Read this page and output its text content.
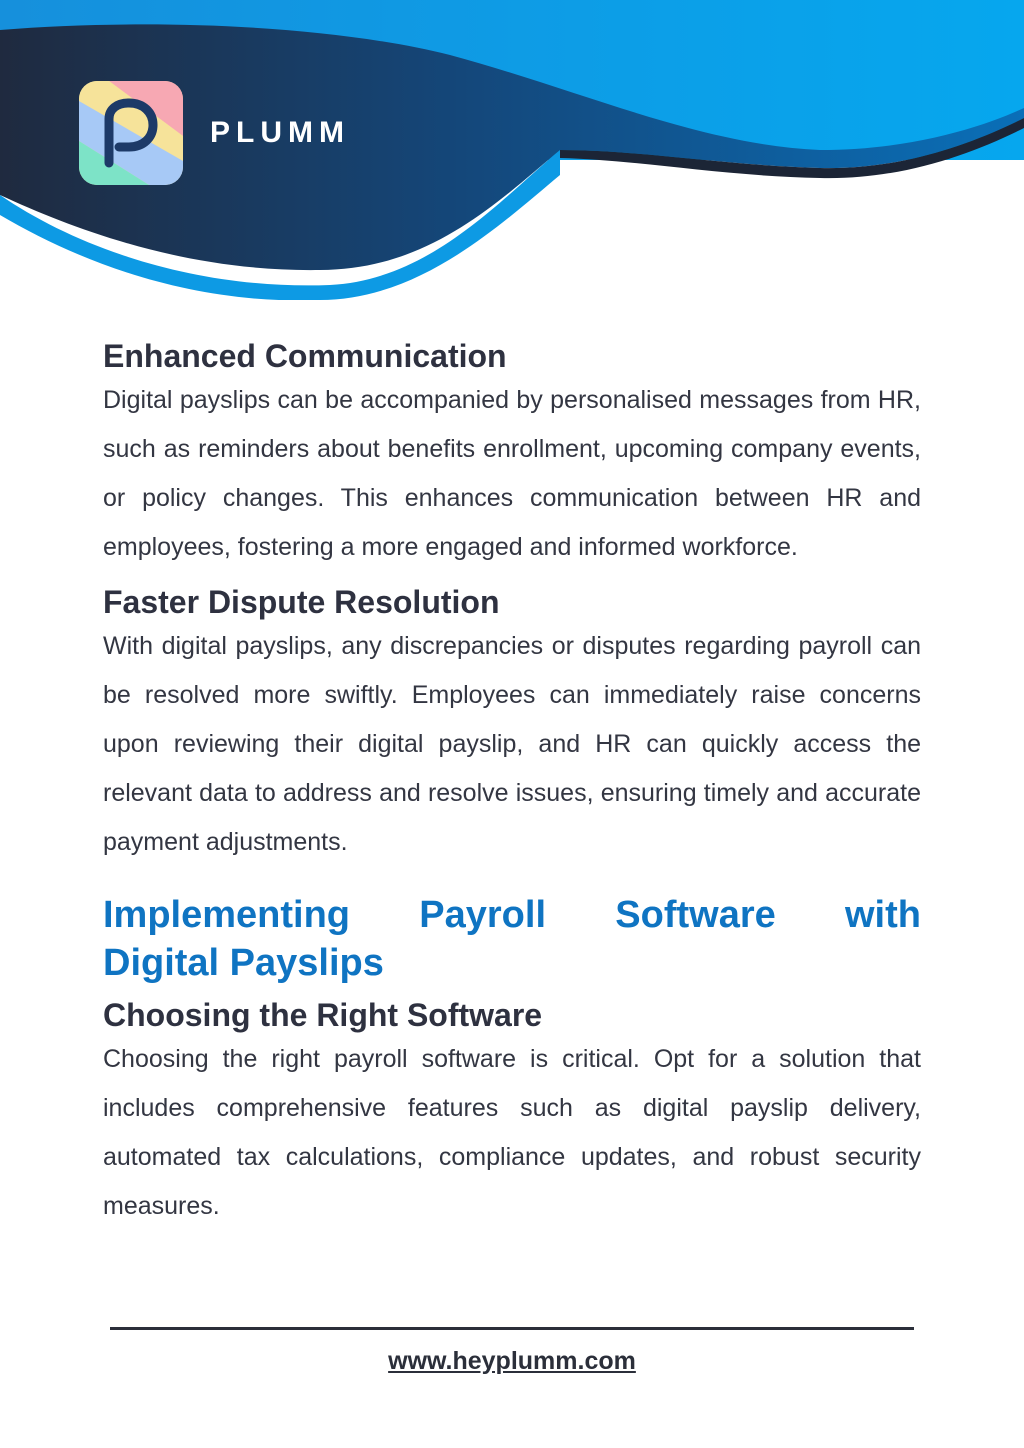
PLUMM
Enhanced Communication

Digital payslips can be accompanied by personalised messages from HR, such as reminders about benefits enrollment, upcoming company events, or policy changes. This enhances communication between HR and employees, fostering a more engaged and informed workforce.

Faster Dispute Resolution

With digital payslips, any discrepancies or disputes regarding payroll can be resolved more swiftly. Employees can immediately raise concerns upon reviewing their digital payslip, and HR can quickly access the relevant data to address and resolve issues, ensuring timely and accurate payment adjustments.

Implementing Payroll Software with
Digital Payslips
Choosing the Right Software

Choosing the right payroll software is critical. Opt for a solution that includes comprehensive features such as digital payslip delivery, automated tax calculations, compliance updates, and robust security measures.

www.heyplumm.com
